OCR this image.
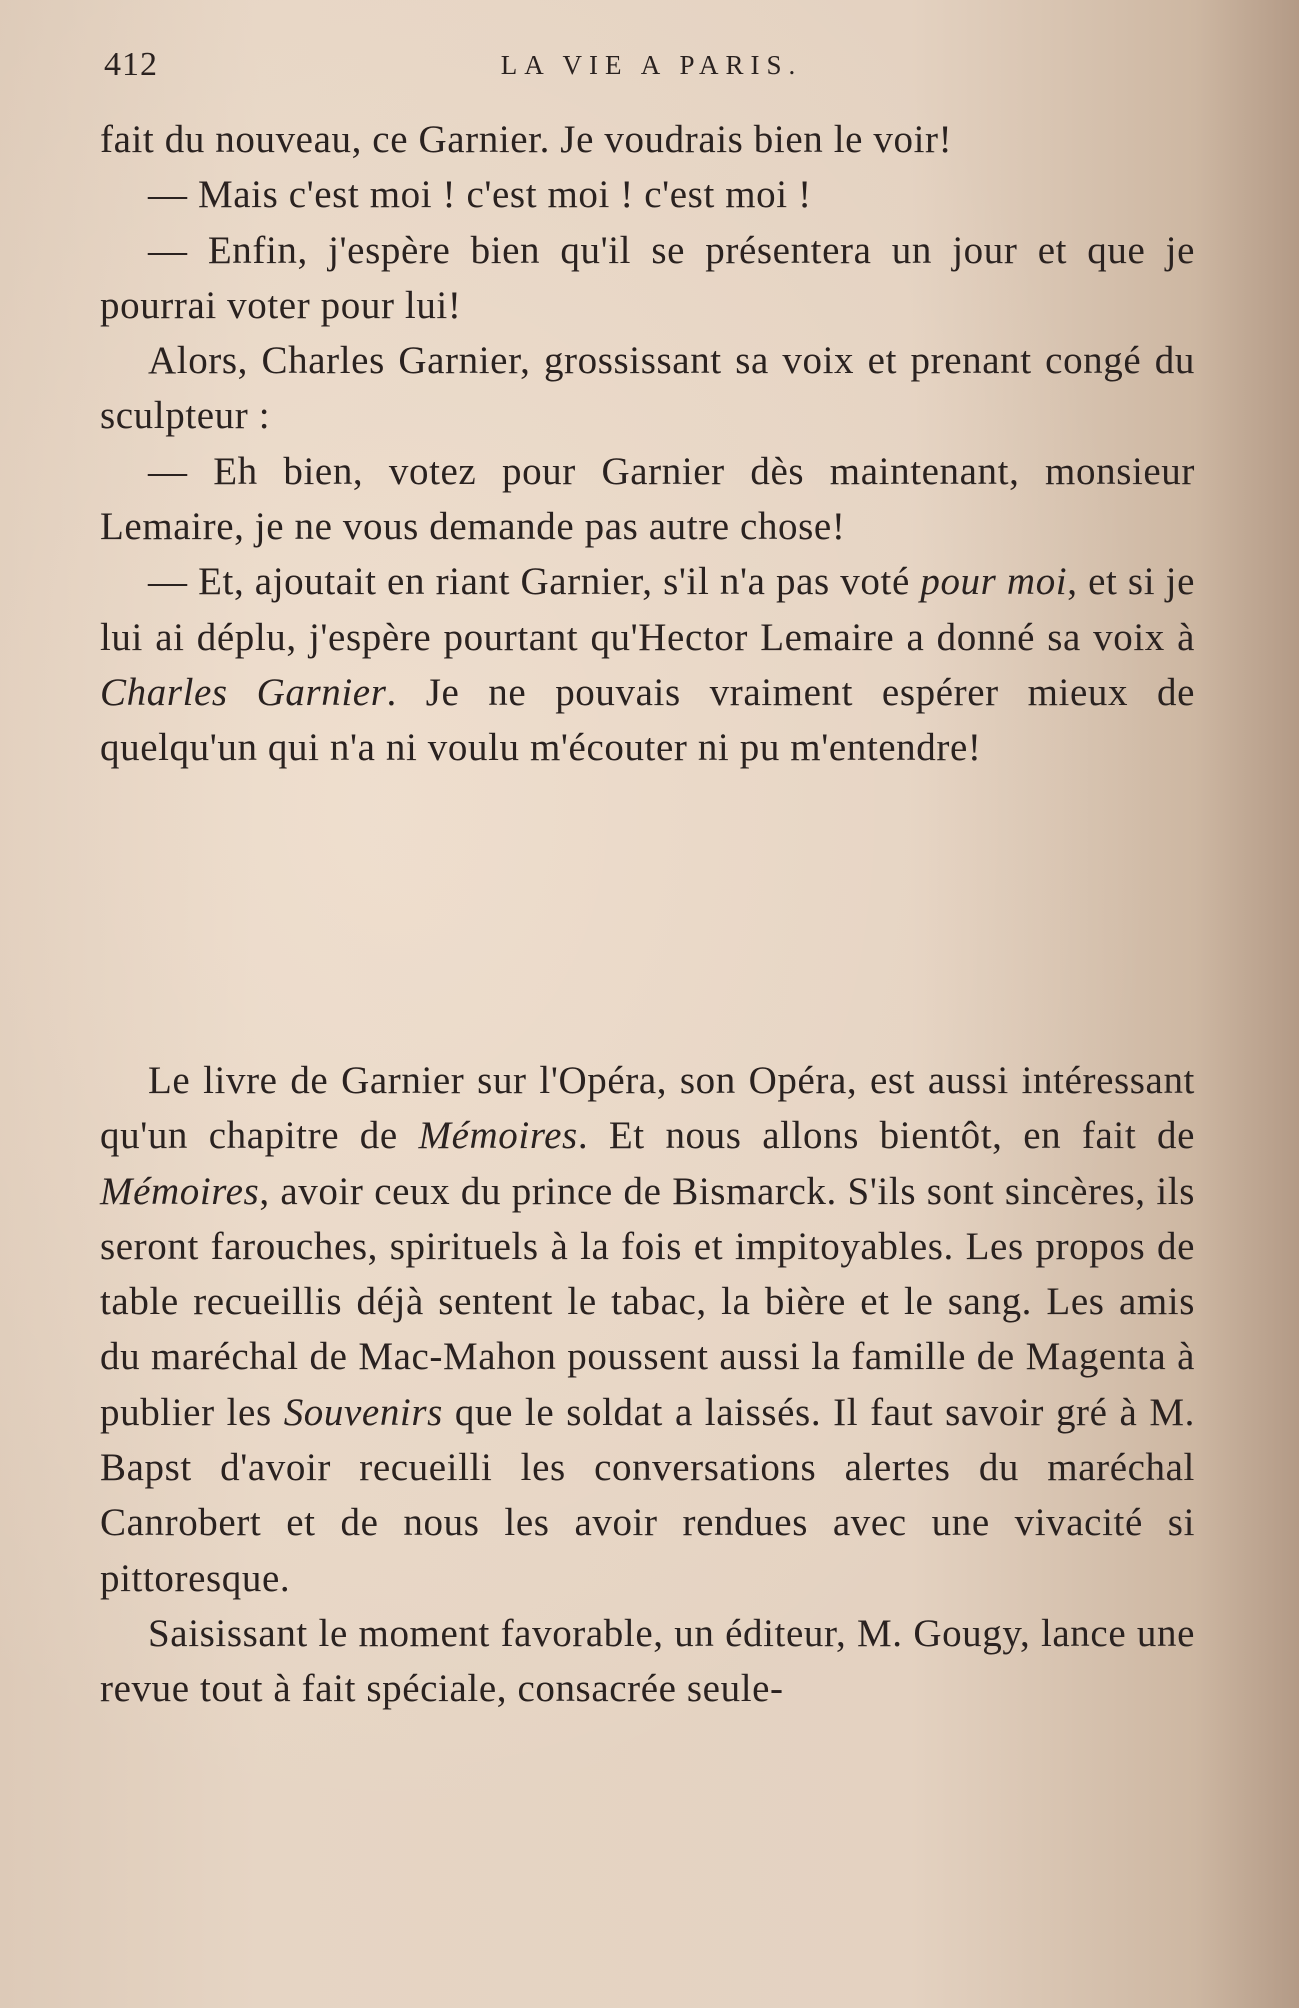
412	LA VIE A PARIS.

fait du nouveau, ce Garnier. Je voudrais bien le voir!

— Mais c'est moi ! c'est moi ! c'est moi !

— Enfin, j'espère bien qu'il se présentera un jour et que je pourrai voter pour lui!

Alors, Charles Garnier, grossissant sa voix et prenant congé du sculpteur :

— Eh bien, votez pour Garnier dès maintenant, monsieur Lemaire, je ne vous demande pas autre chose!

— Et, ajoutait en riant Garnier, s'il n'a pas voté pour moi, et si je lui ai déplu, j'espère pourtant qu'Hector Lemaire a donné sa voix à Charles Garnier. Je ne pouvais vraiment espérer mieux de quelqu'un qui n'a ni voulu m'écouter ni pu m'entendre!

Le livre de Garnier sur l'Opéra, son Opéra, est aussi intéressant qu'un chapitre de Mémoires. Et nous allons bientôt, en fait de Mémoires, avoir ceux du prince de Bismarck. S'ils sont sincères, ils seront farouches, spirituels à la fois et impitoyables. Les propos de table recueillis déjà sentent le tabac, la bière et le sang. Les amis du maréchal de Mac-Mahon poussent aussi la famille de Magenta à publier les Souvenirs que le soldat a laissés. Il faut savoir gré à M. Bapst d'avoir recueilli les conversations alertes du maréchal Canrobert et de nous les avoir rendues avec une vivacité si pittoresque.

Saisissant le moment favorable, un éditeur, M. Gougy, lance une revue tout à fait spéciale, consacrée seule-
